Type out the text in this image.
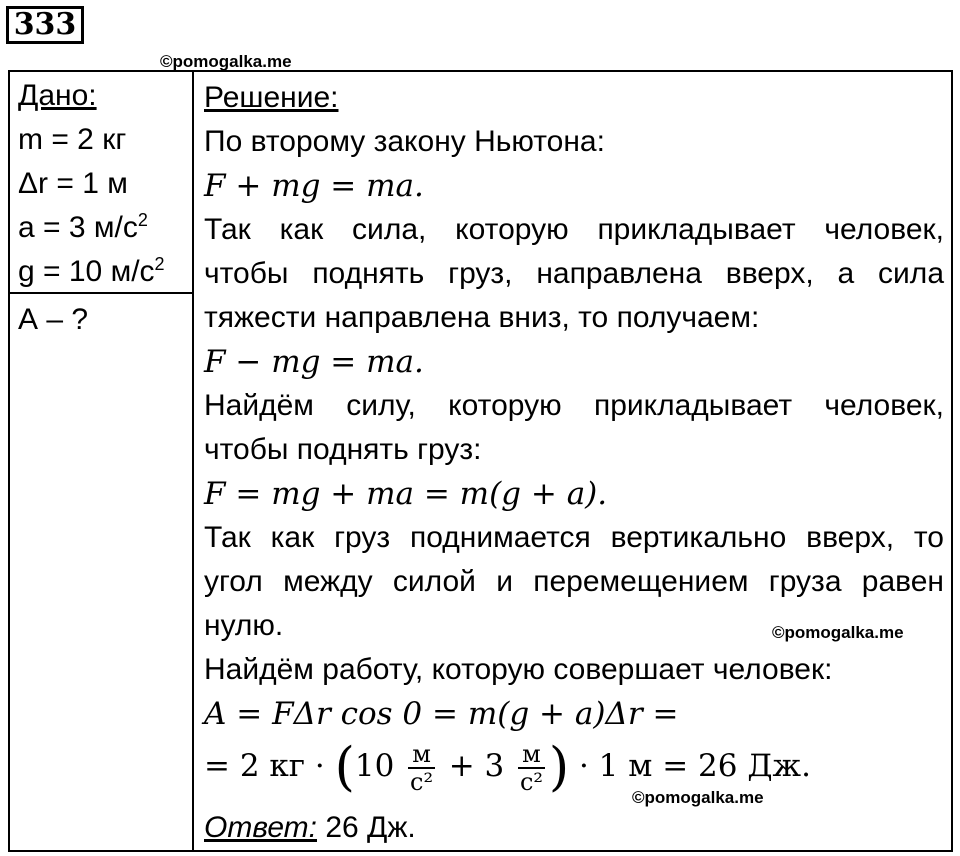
333
©pomogalka.me
©pomogalka.me
©pomogalka.me
Дано:
m = 2 кг
Δr = 1 м
a = 3 $м/с^2$
g = 10 $м/с^2$
А – ?
Решение:
По второму закону Ньютона:
F + mg = ma.
Так как сила, которую прикладывает человек,
чтобы поднять груз, направлена вверх, а сила
тяжести направлена вниз, то получаем:
F − mg = ma.
Найдём силу, которую прикладывает человек,
чтобы поднять груз:
F = mg + ma = m(g + a).
Так как груз поднимается вертикально вверх, то
угол между силой и перемещением груза равен
нулю.
Найдём работу, которую совершает человек:
A = FΔr cos 0 = m(g + a)Δr =
= 2 кг · ($10 \frac{м}{\text{с²}} + 3 \frac{м}{\text{с²}}$ ) · 1 м = 26 Дж.
Ответ: 26 Дж.
